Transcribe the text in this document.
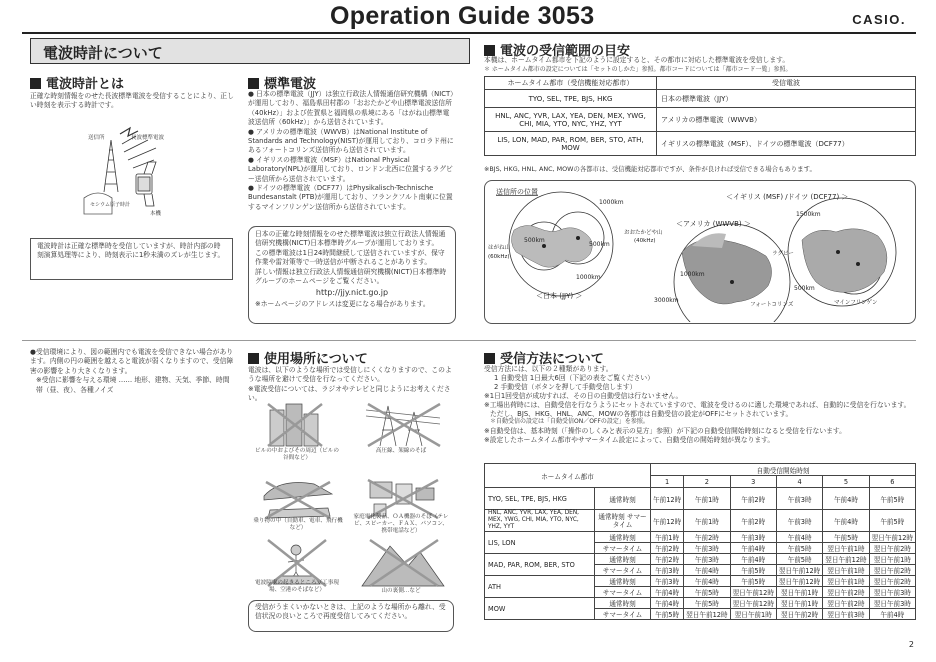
Operation Guide 3053	CASIO.
電波時計について
電波時計とは
正確な時刻情報をのせた長波標準電波を受信することにより、正しい時刻を表示する時計です。
送信所	長波標準電波
セシウム原子時計
本機
電波時計は正確な標準時を受信していますが、時計内部の時刻演算処理等により、時刻表示に1秒未満のズレが生じます。
標準電波

● 日本の標準電波（JJY）は独立行政法人情報通信研究機構（NICT）が運用しており、福島県田村郡の「おおたかどや山標準電波送信所（40kHz）」および佐賀県と福岡県の県境にある「はがね山標準電波送信所（60kHz）」から送信されています。

● アメリカの標準電波（WWVB）はNational Institute of Standards and Technology(NIST)が運用しており、コロラド州にあるフォートコリンズ送信所から送信されています。

● イギリスの標準電波（MSF）はNational Physical Laboratory(NPL)が運用しており、ロンドン北西に位置するラグビー送信所から送信されています。

● ドイツの標準電波（DCF77）はPhysikalisch-Technische Bundesanstalt (PTB)が運用しており、フランクフルト南東に位置するマインフリンゲン送信所から送信されています。

日本の正確な時刻情報をのせた標準電波は独立行政法人情報通信研究機構(NICT)日本標準時グループが運用しております。

この標準電波は1日24時間継続して送信されていますが、保守作業や雷対策等で一時送信が中断されることがあります。

詳しい情報は独立行政法人情報通信研究機構(NICT)日本標準時グループのホームページをご覧ください。

http://jjy.nict.go.jp

※ホームページのアドレスは変更になる場合があります。

電波の受信範囲の目安

本機は、ホームタイム都市を下記のように設定すると、その都市に対応した標準電波を受信します。

＊ ホームタイム都市の設定については「セットのしかた」参照。都市コードについては「都市コード一覧」参照。

ホームタイム都市（受信機能対応都市）	受信電波
TYO, SEL, TPE, BJS, HKG	日本の標準電波（JJY）
HNL, ANC, YVR, LAX, YEA, DEN, MEX, YWG, CHI, MIA, YTO, NYC, YHZ, YYT	アメリカの標準電波（WWVB）
LIS, LON, MAD, PAR, ROM, BER, STO, ATH, MOW	イギリスの標準電波（MSF）、ドイツの標準電波（DCF77）
※BJS, HKG, HNL, ANC, MOWの各都市は、受信機能対応都市ですが、条件が良ければ受信できる場合もあります。
送信所の位置
1000km
500km
500km
1000km
はがね山
(60kHz)
おおたかどや山
(40kHz)
＜日本 (JJY) ＞
＜アメリカ (WWVB) ＞
1000km
3000km
フォートコリンズ
＜イギリス (MSF) /ドイツ (DCF77) ＞
1500km
ラグビー
500km
マインフリンゲン

●受信環境により、図の範囲内でも電波を受信できない場合があります。内側の円の範囲を越えると電波が弱くなりますので、受信障害の影響をより大きくなります。

※受信に影響を与える環境 …… 地形、建物、天気、季節、時間帯（昼、夜）、各種ノイズ

使用場所について

電波は、以下のような場所では受信しにくくなりますので、このような場所を避けて受信を行なってください。

※電波受信については、ラジオやテレビと同じようにお考えください。

ビルの中およびその周辺（ビルの谷間など）
高圧線、架線のそば
乗り物の中（自動車、電車、飛行機など）
家庭電化製品、ＯＡ機器のそば（テレビ、スピーカー、ＦＡＸ、パソコン、携帯電話など）
電波障害の起きるところ（工事現場、空港のそばなど）	山の裏側…など
受信がうまくいかないときは、上記のような場所から離れ、受信状況の良いところで再度受信してみてください。
受信方法について

受信方法には、以下の２種類があります。

1 自動受信 1日最大6回（下記の表をご覧ください）

2 手動受信（ボタンを押して手動受信します）

※1日1回受信が成功すれば、その日の自動受信は行ないません。

※工場出荷時には、自動受信を行なうようにセットされていますので、電波を受けるのに適した環境であれば、自動的に受信を行ないます。

ただし、BJS、HKG、HNL、ANC、MOWの各都市は自動受信の設定がOFFにセットされています。

＊自動受信の設定は「自動受信ON／OFFの設定」を参照。

※自動受信は、基本時刻（「操作のしくみと表示の見方」参照）が下記の自動受信開始時刻になると受信を行ないます。

※設定したホームタイム都市やサマータイム設定によって、自動受信の開始時刻が異なります。

ホームタイム都市		自動受信開始時刻					
		1	2	3	4	5	6
TYO, SEL, TPE, BJS, HKG	通常時刻	午前12時	午前1時	午前2時	午前3時	午前4時	午前5時
HNL, ANC, YVR, LAX, YEA, DEN, MEX, YWG, CHI, MIA, YTO, NYC, YHZ, YYT	通常時刻 サマータイム	午前12時	午前1時	午前2時	午前3時	午前4時	午前5時
LIS, LON	通常時刻	午前1時	午前2時	午前3時	午前4時	午前5時	翌日午前12時
	サマータイム	午前2時	午前3時	午前4時	午前5時	翌日午前1時	翌日午前2時
MAD, PAR, ROM, BER, STO	通常時刻	午前2時	午前3時	午前4時	午前5時	翌日午前12時	翌日午前1時
	サマータイム	午前3時	午前4時	午前5時	翌日午前12時	翌日午前1時	翌日午前2時
ATH	通常時刻	午前3時	午前4時	午前5時	翌日午前12時	翌日午前1時	翌日午前2時
	サマータイム	午前4時	午前5時	翌日午前12時	翌日午前1時	翌日午前2時	翌日午前3時
MOW	通常時刻	午前4時	午前5時	翌日午前12時	翌日午前1時	翌日午前2時	翌日午前3時
	サマータイム	午前5時	翌日午前12時	翌日午前1時	翌日午前2時	翌日午前3時	午前4時
2
